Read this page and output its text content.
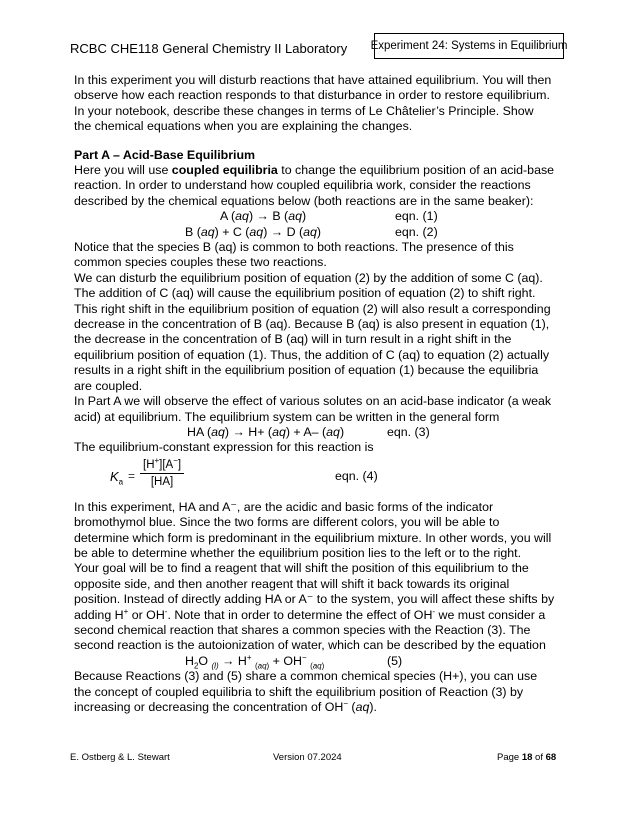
RCBC CHE118 General Chemistry II Laboratory Experiment 24: Systems in Equilibrium

In this experiment you will disturb reactions that have attained equilibrium. You will then

observe how each reaction responds to that disturbance in order to restore equilibrium.

In your notebook, describe these changes in terms of Le Châtelier’s Principle. Show

the chemical equations when you are explaining the changes.

Part A – Acid-Base Equilibrium

Here you will use coupled equilibria to change the equilibrium position of an acid-base

reaction. In order to understand how coupled equilibria work, consider the reactions

described by the chemical equations below (both reactions are in the same beaker):

A (aq) → B (aq)	eqn. (1)
B (aq) + C (aq) → D (aq)	eqn. (2)

Notice that the species B (aq) is common to both reactions. The presence of this

common species couples these two reactions.

We can disturb the equilibrium position of equation (2) by the addition of some C (aq).

The addition of C (aq) will cause the equilibrium position of equation (2) to shift right.

This right shift in the equilibrium position of equation (2) will also result a corresponding

decrease in the concentration of B (aq). Because B (aq) is also present in equation (1),

the decrease in the concentration of B (aq) will in turn result in a right shift in the

equilibrium position of equation (1). Thus, the addition of C (aq) to equation (2) actually

results in a right shift in the equilibrium position of equation (1) because the equilibria

are coupled.

In Part A we will observe the effect of various solutes on an acid-base indicator (a weak

acid) at equilibrium. The equilibrium system can be written in the general form

HA (aq) → H+ (aq) + A– (aq)	eqn. (3)

The equilibrium-constant expression for this reaction is

$K_a = \frac{[H^+][A^-]}{[HA]}$	eqn. (4)

In this experiment, HA and A⁻, are the acidic and basic forms of the indicator

bromothymol blue. Since the two forms are different colors, you will be able to

determine which form is predominant in the equilibrium mixture. In other words, you will

be able to determine whether the equilibrium position lies to the left or to the right.

Your goal will be to find a reagent that will shift the position of this equilibrium to the

opposite side, and then another reagent that will shift it back towards its original

position. Instead of directly adding HA or A⁻ to the system, you will affect these shifts by

adding H+ or OH-. Note that in order to determine the effect of OH- we must consider a

second chemical reaction that shares a common species with the Reaction (3). The

second reaction is the autoionization of water, which can be described by the equation

$H_2O$ $_{(l)}$ → H+ $_{(aq)}$ + OH− $_{(aq)}$	(5)

Because Reactions (3) and (5) share a common chemical species (H+), you can use

the concept of coupled equilibria to shift the equilibrium position of Reaction (3) by

increasing or decreasing the concentration of OH− (aq).

E. Ostberg & L. Stewart	Version 07.2024	Page 18 of 68
